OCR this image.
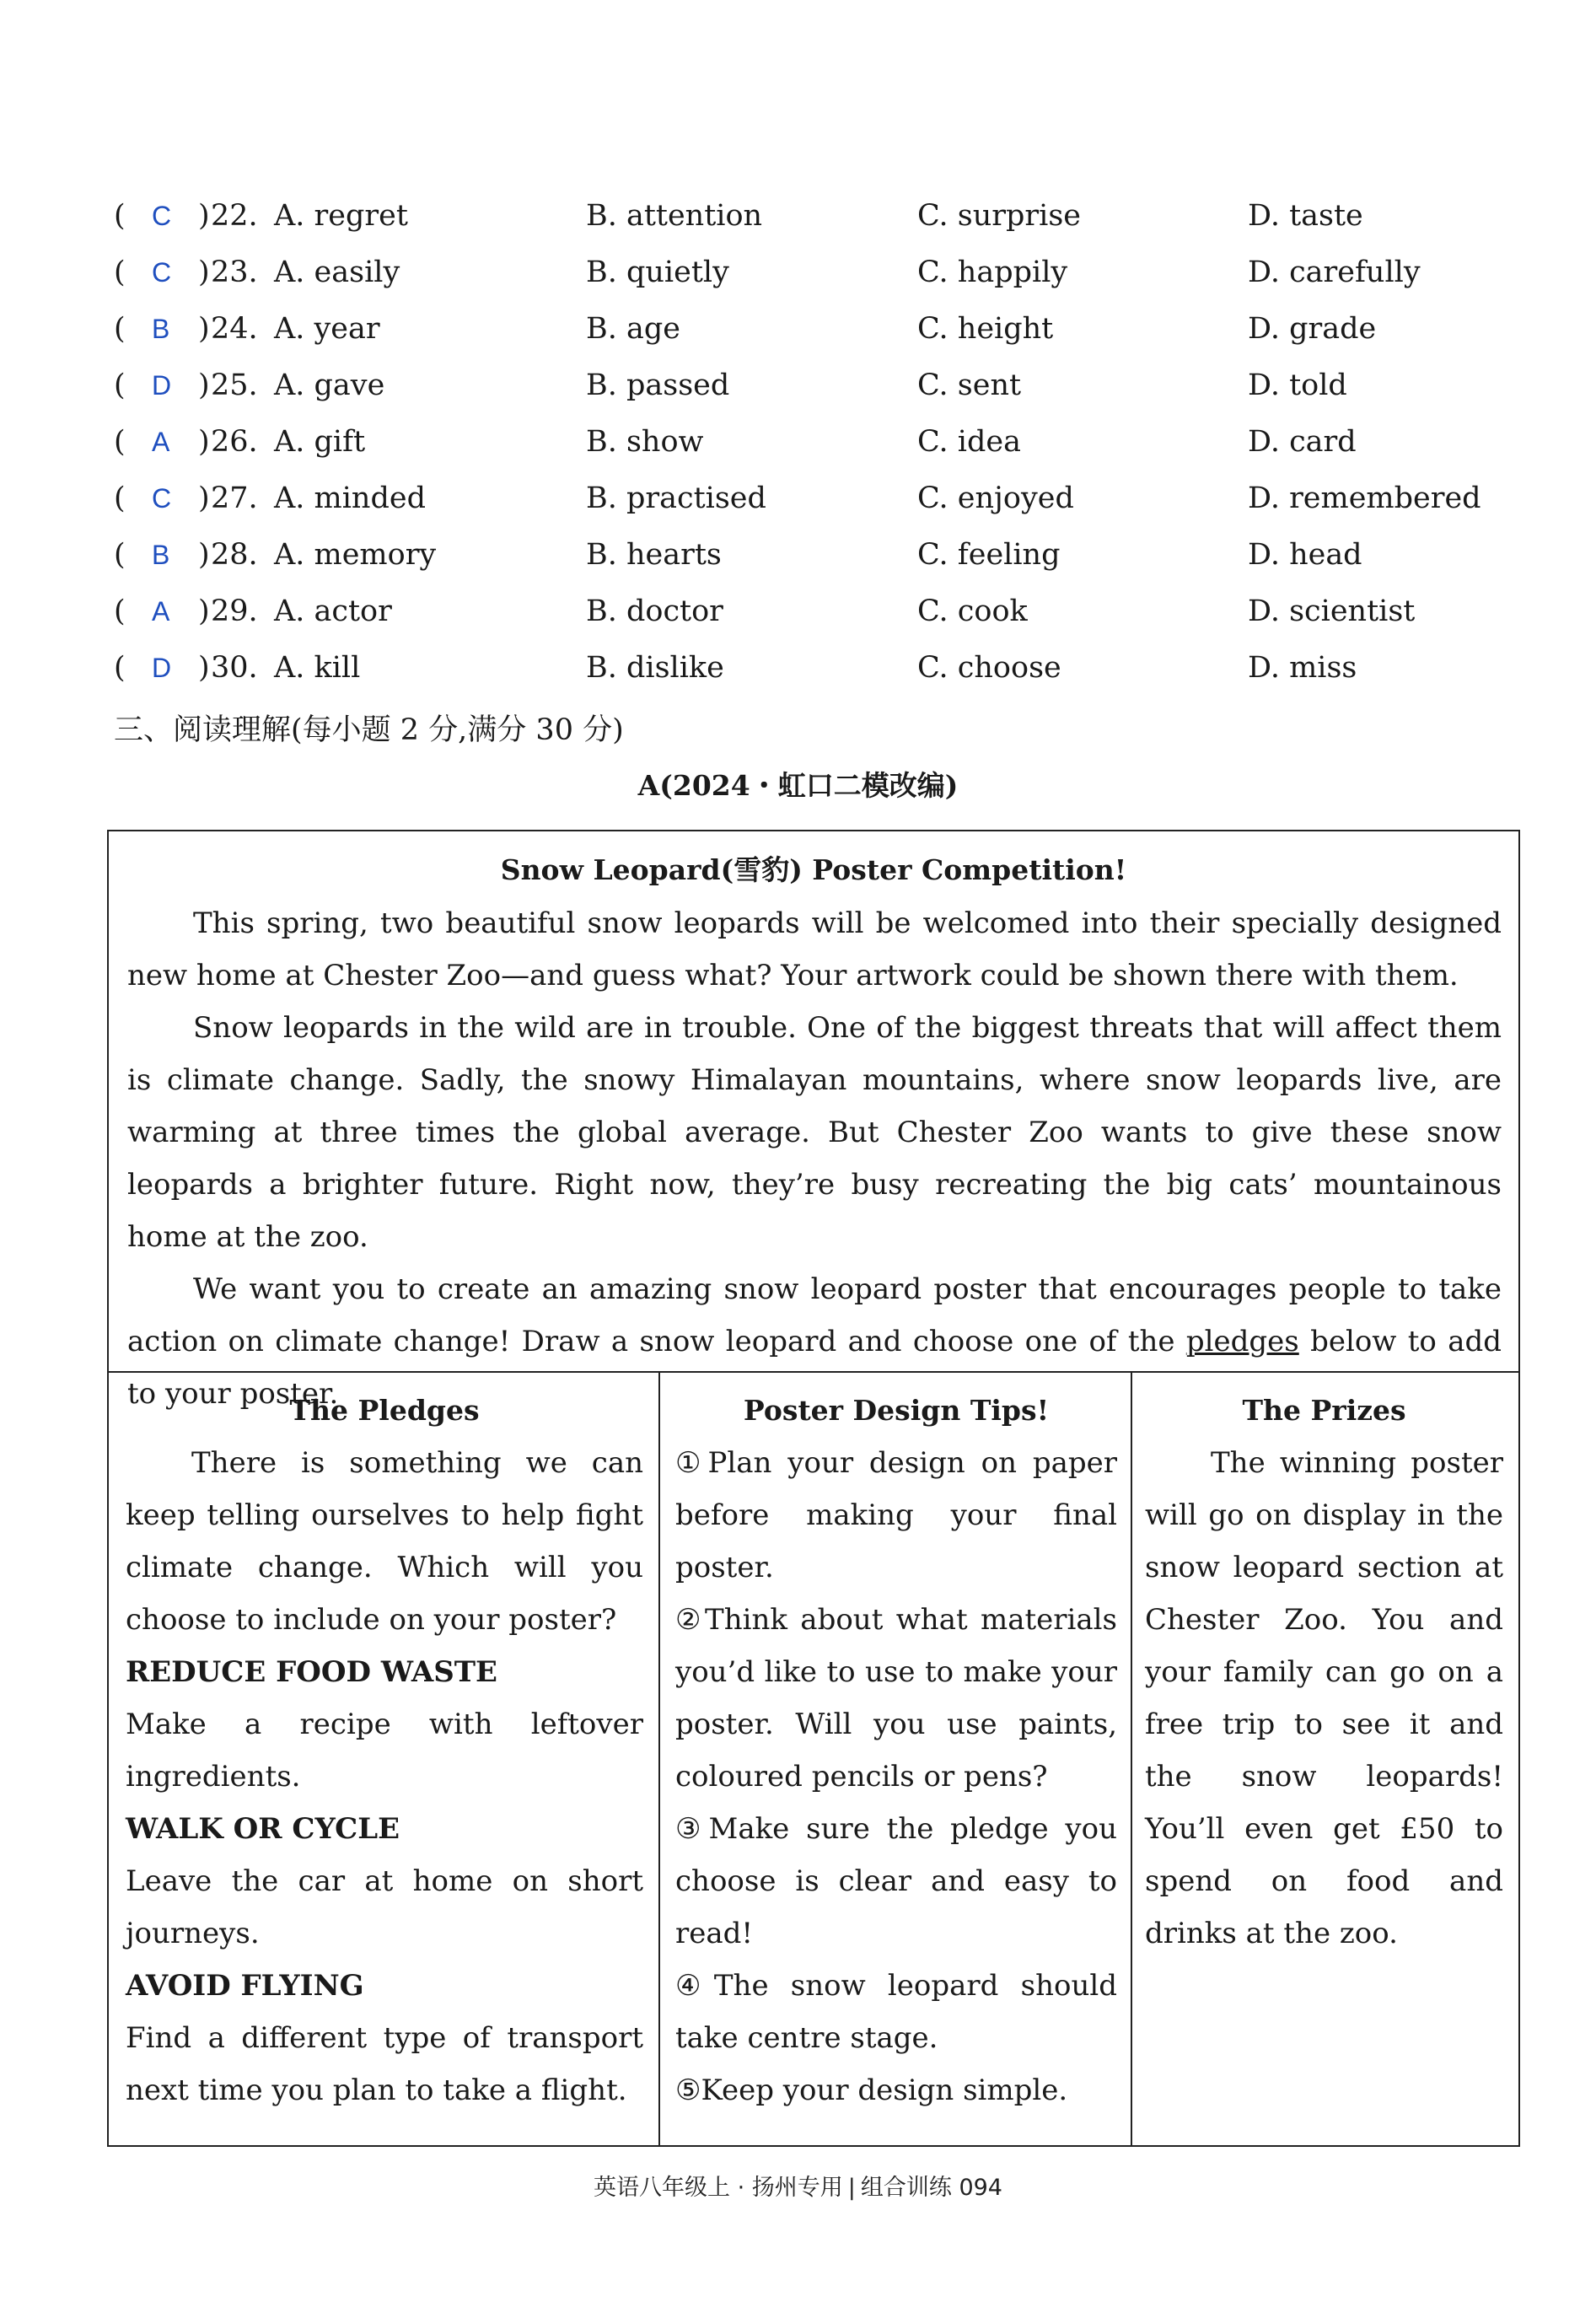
( C ) 22. A. regret	B. attention	C. surprise	D. taste
( C ) 23. A. easily	B. quietly	C. happily	D. carefully
( B ) 24. A. year	B. age	C. height	D. grade
( D ) 25. A. gave	B. passed	C. sent	D. told
( A ) 26. A. gift	B. show	C. idea	D. card
( C ) 27. A. minded	B. practised	C. enjoyed	D. remembered
( B ) 28. A. memory	B. hearts	C. feeling	D. head
( A ) 29. A. actor	B. doctor	C. cook	D. scientist
( D ) 30. A. kill	B. dislike	C. choose	D. miss
三、阅读理解(每小题 2 分,满分 30 分)
A(2024・虹口二模改编)
Snow Leopard(雪豹) Poster Competition!

This spring, two beautiful snow leopards will be welcomed into their specially designed new home at Chester Zoo—and guess what? Your artwork could be shown there with them.

Snow leopards in the wild are in trouble. One of the biggest threats that will affect them is climate change. Sadly, the snowy Himalayan mountains, where snow leopards live, are warming at three times the global average. But Chester Zoo wants to give these snow leopards a brighter future. Right now, they’re busy recreating the big cats’ mountainous home at the zoo.

We want you to create an amazing snow leopard poster that encourages people to take action on climate change! Draw a snow leopard and choose one of the pledges below to add to your poster.

The Pledges

There is something we can keep telling ourselves to help fight climate change. Which will you choose to include on your poster?

REDUCE FOOD WASTE

Make a recipe with leftover ingredients.

WALK OR CYCLE

Leave the car at home on short journeys.

AVOID FLYING

Find a different type of transport next time you plan to take a flight.

Poster Design Tips!

①Plan your design on paper before making your final poster.

②Think about what materials you’d like to use to make your poster. Will you use paints, coloured pencils or pens?

③Make sure the pledge you choose is clear and easy to read!

④The snow leopard should take centre stage.

⑤Keep your design simple.

The Prizes

The winning poster will go on display in the snow leopard section at Chester Zoo. You and your family can go on a free trip to see it and the snow leopards! You’ll even get £50 to spend on food and drinks at the zoo.

英语八年级上 · 扬州专用 | 组合训练 094
